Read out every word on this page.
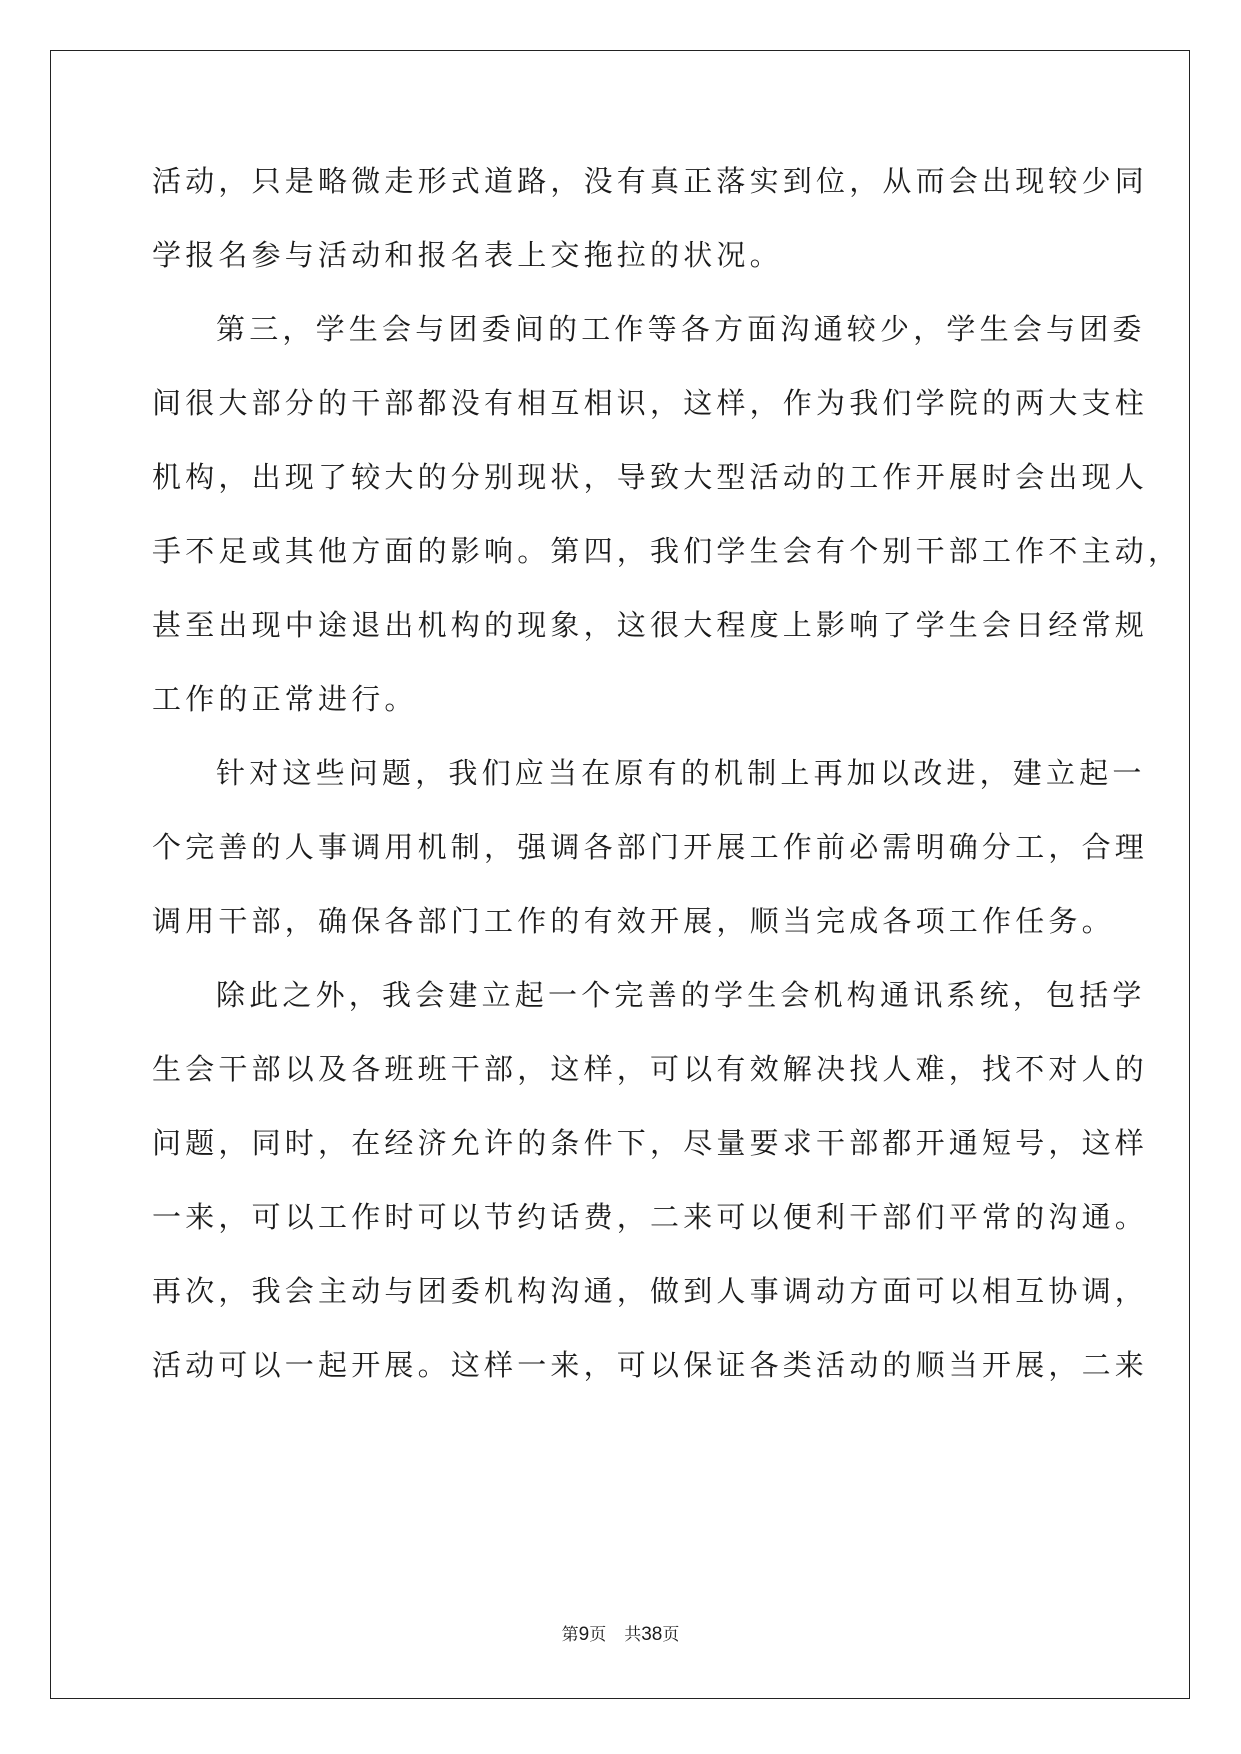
活动，只是略微走形式道路，没有真正落实到位，从而会出现较少同
学报名参与活动和报名表上交拖拉的状况。
第三，学生会与团委间的工作等各方面沟通较少，学生会与团委
间很大部分的干部都没有相互相识，这样，作为我们学院的两大支柱
机构，出现了较大的分别现状，导致大型活动的工作开展时会出现人
手不足或其他方面的影响。第四，我们学生会有个别干部工作不主动，
甚至出现中途退出机构的现象，这很大程度上影响了学生会日经常规
工作的正常进行。
针对这些问题，我们应当在原有的机制上再加以改进，建立起一
个完善的人事调用机制，强调各部门开展工作前必需明确分工，合理
调用干部，确保各部门工作的有效开展，顺当完成各项工作任务。
除此之外，我会建立起一个完善的学生会机构通讯系统，包括学
生会干部以及各班班干部，这样，可以有效解决找人难，找不对人的
问题，同时，在经济允许的条件下，尽量要求干部都开通短号，这样
一来，可以工作时可以节约话费，二来可以便利干部们平常的沟通。
再次，我会主动与团委机构沟通，做到人事调动方面可以相互协调，
活动可以一起开展。这样一来，可以保证各类活动的顺当开展，二来
第9页 共38页
